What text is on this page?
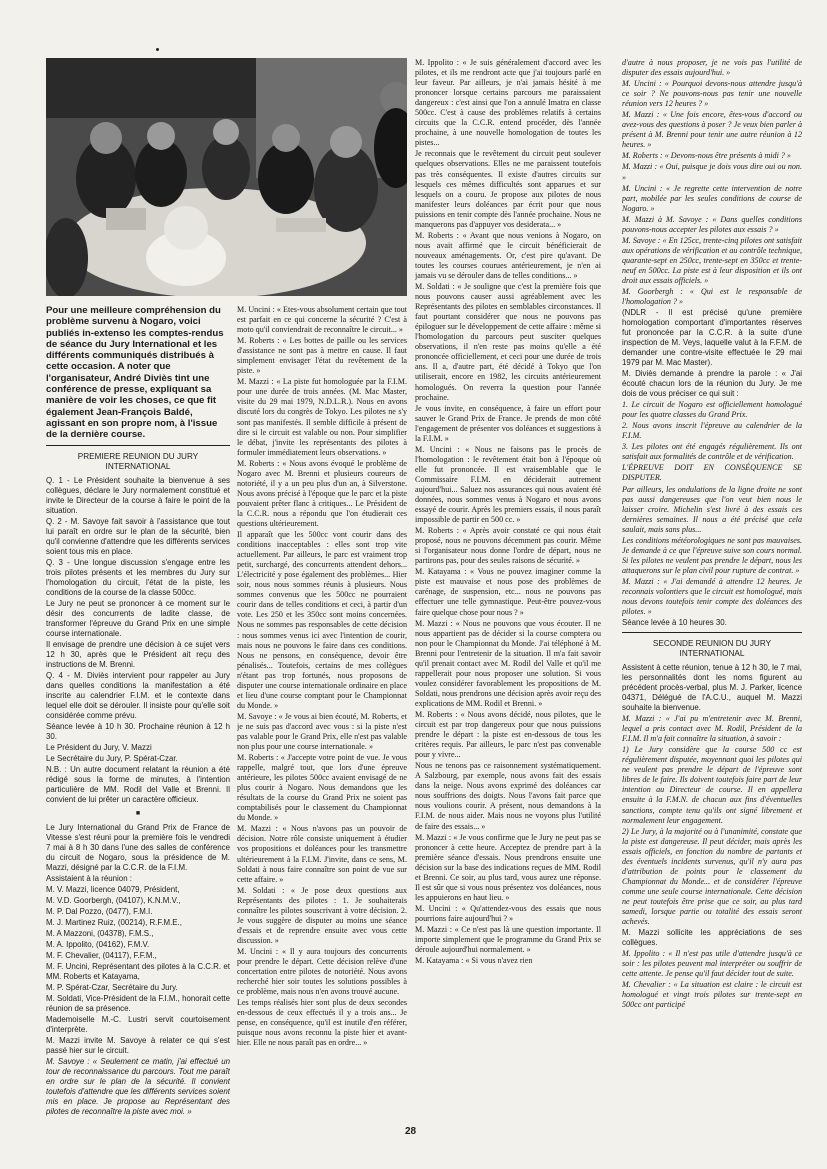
Pour une meilleure compréhension du problème survenu à Nogaro, voici publiés in-extenso les comptes-rendus de séance du Jury International et les différents communiqués distribués à cette occasion. A noter que l'organisateur, André Diviès tint une conférence de presse, expliquant sa manière de voir les choses, ce que fit également Jean-François Baldé, agissant en son propre nom, à l'issue de la dernière course.

PREMIERE REUNION DU JURY INTERNATIONAL

Q. 1 - Le Président souhaite la bienvenue à ses collègues, déclare le Jury normalement constitué et invite le Directeur de la course à faire le point de la situation.

Q. 2 - M. Savoye fait savoir à l'assistance que tout lui paraît en ordre sur le plan de la sécurité, bien qu'il convienne d'attendre que les différents services soient tous mis en place.

Q. 3 - Une longue discussion s'engage entre les trois pilotes présents et les membres du Jury sur l'homologation du circuit, l'état de la piste, les conditions de la course de la classe 500cc.

Le Jury ne peut se prononcer à ce moment sur le désir des concurrents de ladite classe, de transformer l'épreuve du Grand Prix en une simple course internationale.

Il envisage de prendre une décision à ce sujet vers 12 h 30, après que le Président ait reçu des instructions de M. Brenni.

Q. 4 - M. Diviès intervient pour rappeler au Jury dans quelles conditions la manifestation a été inscrite au calendrier F.I.M. et le contexte dans lequel elle doit se dérouler. Il insiste pour qu'elle soit considérée comme prévu.

Séance levée à 10 h 30. Prochaine réunion à 12 h 30.

Le Président du Jury, V. Mazzi

Le Secrétaire du Jury, P. Spérat-Czar.

N.B. : Un autre document relatant la réunion a été rédigé sous la forme de minutes, à l'intention particulière de MM. Rodil del Valle et Brenni. Il convient de lui prêter un caractère officieux.

■

Le Jury International du Grand Prix de France de Vitesse s'est réuni pour la première fois le vendredi 7 mai à 8 h 30 dans l'une des salles de conférence du circuit de Nogaro, sous la présidence de M. Mazzi, désigné par la C.C.R. de la F.I.M.

Assistaient à la réunion :

M. V. Mazzi, licence 04079, Président,

M. V.D. Goorbergh, (04107), K.N.M.V.,

M. P. Dal Pozzo, (0477), F.M.I.

M. J. Martinez Ruiz, (00214), R.F.M.E.,

M. A Mazzoni, (04378), F.M.S.,

M. A. Ippolito, (04162), F.M.V.

M. F. Chevalier, (04117), F.F.M.,

M. F. Uncini, Représentant des pilotes à la C.C.R. et MM. Roberts et Katayama,

M. P. Spérat-Czar, Secrétaire du Jury.

M. Soldati, Vice-Président de la F.I.M., honorait cette réunion de sa présence.

Mademoiselle M.-C. Lustri servit courtoisement d'interprète.

M. Mazzi invite M. Savoye à relater ce qui s'est passé hier sur le circuit.

M. Savoye : « Seulement ce matin, j'ai effectué un tour de reconnaissance du parcours. Tout me paraît en ordre sur le plan de la sécurité. Il convient toutefois d'attendre que les différents services soient mis en place. Je propose au Représentant des pilotes de reconnaître la piste avec moi. »

M. Uncini : « Etes-vous absolument certain que tout est parfait en ce qui concerne la sécurité ? C'est à moto qu'il conviendrait de reconnaître le circuit... »

M. Roberts : « Les bottes de paille ou les services d'assistance ne sont pas à mettre en cause. Il faut simplement envisager l'état du revêtement de la piste. »

M. Mazzi : « La piste fut homologuée par la F.I.M. pour une durée de trois années. (M. Mac Master, visite du 29 mai 1979, N.D.L.R.). Nous en avons discuté lors du congrès de Tokyo. Les pilotes ne s'y sont pas manifestés. Il semble difficile à présent de dire si le circuit est valable ou non. Pour simplifier le débat, j'invite les représentants des pilotes à formuler immédiatement leurs observations. »

M. Roberts : « Nous avons évoqué le problème de Nogaro avec M. Brenni et plusieurs coureurs de notoriété, il y a un peu plus d'un an, à Silverstone. Nous avons précisé à l'époque que le parc et la piste pouvaient prêter flanc à critiques... Le Président de la C.C.R. nous a répondu que l'on étudierait ces questions ultérieurement.

Il apparaît que les 500cc vont courir dans des conditions inacceptables : elles sont trop vite actuellement. Par ailleurs, le parc est vraiment trop petit, surchargé, des concurrents attendent dehors... L'électricité y pose également des problèmes... Hier soir, nous nous sommes réunis à plusieurs. Nous sommes convenus que les 500cc ne pourraient courir dans de telles conditions et ceci, à partir d'un vote. Les 250 et les 350cc sont moins concernées. Nous ne sommes pas responsables de cette décision : nous sommes venus ici avec l'intention de courir, mais nous ne pouvons le faire dans ces conditions. Nous ne pensons, en conséquence, devoir être pénalisés... Toutefois, certains de mes collègues n'étant pas trop fortunés, nous proposons de disputer une course internationale ordinaire en place et lieu d'une course comptant pour le Championnat du Monde. »

M. Savoye : « Je vous ai bien écouté, M. Roberts, et je ne suis pas d'accord avec vous : si la piste n'est pas valable pour le Grand Prix, elle n'est pas valable non plus pour une course internationale. »

M. Roberts : « J'accepte votre point de vue. Je vous rappelle, malgré tout, que lors d'une épreuve antérieure, les pilotes 500cc avaient envisagé de ne plus courir à Nogaro. Nous demandons que les résultats de la course du Grand Prix ne soient pas comptabilisés pour le classement du Championnat du Monde. »

M. Mazzi : « Nous n'avons pas un pouvoir de décision. Notre rôle consiste uniquement à étudier vos propositions et doléances pour les transmettre ultérieurement à la F.I.M. J'invite, dans ce sens, M. Soldati à nous faire connaître son point de vue sur cette affaire. »

M. Soldati : « Je pose deux questions aux Représentants des pilotes : 1. Je souhaiterais connaître les pilotes souscrivant à votre décision. 2. Je vous suggère de disputer au moins une séance d'essais et de reprendre ensuite avec vous cette discussion. »

M. Uncini : « Il y aura toujours des concurrents pour prendre le départ. Cette décision relève d'une concertation entre pilotes de notoriété. Nous avons recherché hier soir toutes les solutions possibles à ce problème, mais nous n'en avons trouvé aucune.

Les temps réalisés hier sont plus de deux secondes en-dessous de ceux effectués il y a trois ans... Je pense, en conséquence, qu'il est inutile d'en référer, puisque nous avons reconnu la piste hier et avant-hier. Elle ne nous paraît pas en ordre... »

M. Ippolito : « Je suis généralement d'accord avec les pilotes, et ils me rendront acte que j'ai toujours parlé en leur faveur. Par ailleurs, je n'ai jamais hésité à me prononcer lorsque certains parcours me paraissaient dangereux : c'est ainsi que l'on a annulé Imatra en classe 500cc. C'est à cause des problèmes relatifs à certains circuits que la C.C.R. entend procéder, dès l'année prochaine, à une nouvelle homologation de toutes les pistes...

Je reconnais que le revêtement du circuit peut soulever quelques observations. Elles ne me paraissent toutefois pas très conséquentes. Il existe d'autres circuits sur lesquels ces mêmes difficultés sont apparues et sur lesquels on a couru. Je propose aux pilotes de nous manifester leurs doléances par écrit pour que nous puissions en tenir compte dès l'année prochaine. Nous ne manquerons pas d'appuyer vos desiderata... »

M. Roberts : « Avant que nous venions à Nogaro, on nous avait affirmé que le circuit bénéficierait de nouveaux aménagements. Or, c'est pire qu'avant. De toutes les courses courues antérieurement, je n'en ai jamais vu se dérouler dans de telles conditions... »

M. Soldati : « Je souligne que c'est la première fois que nous pouvons causer aussi agréablement avec les Représentants des pilotes en semblables circonstances. Il faut pourtant considérer que nous ne pouvons pas épiloguer sur le développement de cette affaire : même si l'homologation du parcours peut susciter quelques observations, il n'en reste pas moins qu'elle a été prononcée officiellement, et ceci pour une durée de trois ans. Il a, d'autre part, été décidé à Tokyo que l'on utiliserait, encore en 1982, les circuits antérieurement homologués. On reverra la question pour l'année prochaine.

Je vous invite, en conséquence, à faire un effort pour sauver le Grand Prix de France. Je prends de mon côté l'engagement de présenter vos doléances et suggestions à la F.I.M. »

M. Uncini : « Nous ne faisons pas le procès de l'homologation : le revêtement était bon à l'époque où elle fut prononcée. Il est vraisemblable que le Commissaire F.I.M. en déciderait autrement aujourd'hui... Saluez nos assurances qui nous avaient été données, nous sommes venus à Nogaro et nous avons essayé de courir. Après les premiers essais, il nous paraît impossible de partir en 500 cc. »

M. Roberts : « Après avoir constaté ce qui nous était proposé, nous ne pouvons décemment pas courir. Même si l'organisateur nous donne l'ordre de départ, nous ne partirons pas, pour des seules raisons de sécurité. »

M. Katayama : « Vous ne pouvez imaginer comme la piste est mauvaise et nous pose des problèmes de carénage, de suspension, etc... nous ne pouvons pas effectuer une telle gymnastique. Peut-être pouvez-vous faire quelque chose pour nous ? »

M. Mazzi : « Nous ne pouvons que vous écouter. Il ne nous appartient pas de décider si la course comptera ou non pour le Championnat du Monde. J'ai téléphoné à M. Brenni pour l'entretenir de la situation. Il m'a fait savoir qu'il prenait contact avec M. Rodil del Valle et qu'il me rappellerait pour nous proposer une solution. Si vous voulez considérer favorablement les propositions de M. Soldati, nous prendrons une décision après avoir reçu des explications de MM. Rodil et Brenni. »

M. Roberts : « Nous avons décidé, nous pilotes, que le circuit est par trop dangereux pour que nous puissions prendre le départ : la piste est en-dessous de tous les critères requis. Par ailleurs, le parc n'est pas convenable pour y vivre...

Nous ne tenons pas ce raisonnement systématiquement. A Salzbourg, par exemple, nous avons fait des essais dans la neige. Nous avons exprimé des doléances car nous souffrions des doigts. Nous l'avons fait parce que nous voulions courir. A présent, nous demandons à la F.I.M. de nous aider. Mais nous ne voyons plus l'utilité de faire des essais... »

M. Mazzi : « Je vous confirme que le Jury ne peut pas se prononcer à cette heure. Acceptez de prendre part à la première séance d'essais. Nous prendrons ensuite une décision sur la base des indications reçues de MM. Rodil et Brenni. Ce soir, au plus tard, vous aurez une réponse. Il est sûr que si vous nous présentez vos doléances, nous les appuierons en haut lieu. »

M. Uncini : « Qu'attendez-vous des essais que nous pourrions faire aujourd'hui ? »

M. Mazzi : « Ce n'est pas là une question importante. Il importe simplement que le programme du Grand Prix se déroule aujourd'hui normalement. »

M. Katayama : « Si vous n'avez rien

d'autre à nous proposer, je ne vois pas l'utilité de disputer des essais aujourd'hui. »

M. Uncini : « Pourquoi devons-nous attendre jusqu'à ce soir ? Ne pouvons-nous pas tenir une nouvelle réunion vers 12 heures ? »

M. Mazzi : « Une fois encore, êtes-vous d'accord ou avez-vous des questions à poser ? Je veux bien parler à présent à M. Brenni pour tenir une autre réunion à 12 heures. »

M. Roberts : « Devons-nous être présents à midi ? »

M. Mazzi : « Oui, puisque je dois vous dire oui ou non. »

M. Uncini : « Je regrette cette intervention de notre part, mobilée par les seules conditions de course de Nogaro. »

M. Mazzi à M. Savoye : « Dans quelles conditions pouvons-nous accepter les pilotes aux essais ? »

M. Savoye : « En 125cc, trente-cinq pilotes ont satisfait aux opérations de vérification et au contrôle technique, quarante-sept en 250cc, trente-sept en 350cc et trente-neuf en 500cc. La piste est à leur disposition et ils ont droit aux essais officiels. »

M. Goorbergh : « Qui est le responsable de l'homologation ? »

(NDLR - Il est précisé qu'une première homologation comportant d'importantes réserves fut prononcée par la C.C.R. à la suite d'une inspection de M. Veys, laquelle valut à la F.F.M. de demander une contre-visite effectuée le 29 mai 1979 par M. Mac Master).

M. Diviès demande à prendre la parole : « J'ai écouté chacun lors de la réunion du Jury. Je me dois de vous préciser ce qui suit :

1. Le circuit de Nogaro est officiellement homologué pour les quatre classes du Grand Prix.

2. Nous avons inscrit l'épreuve au calendrier de la F.I.M.

3. Les pilotes ont été engagés régulièrement. Ils ont satisfait aux formalités de contrôle et de vérification.

L'ÉPREUVE DOIT EN CONSÉQUENCE SE DISPUTER.

Par ailleurs, les ondulations de la ligne droite ne sont pas aussi dangereuses que l'on veut bien nous le laisser croire. Michelin s'est livré à des essais ces dernières semaines. Il nous a été précisé que cela saulait, mais sans plus...

Les conditions météorologiques ne sont pas mauvaises. Je demande à ce que l'épreuve suive son cours normal. Si les pilotes ne veulent pas prendre le départ, nous les attaquerons sur le plan civil pour rupture de contrat. »

M. Mazzi : « J'ai demandé à attendre 12 heures. Je reconnais volontiers que le circuit est homologué, mais nous devons toutefois tenir compte des doléances des pilotes. »

Séance levée à 10 heures 30.

SECONDE REUNION DU JURY INTERNATIONAL

Assistent à cette réunion, tenue à 12 h 30, le 7 mai, les personnalités dont les noms figurent au précédent procès-verbal, plus M. J. Parker, licence 04371, Délégué de l'A.C.U., auquel M. Mazzi souhaite la bienvenue.

M. Mazzi : « J'ai pu m'entretenir avec M. Brenni, lequel a pris contact avec M. Rodil, Président de la F.I.M. Il m'a fait connaître la situation, à savoir :

1) Le Jury considère que la course 500 cc est régulièrement disputée, moyennant quoi les pilotes qui ne veulent pas prendre le départ de l'épreuve sont libres de le faire. Ils doivent toutefois faire part de leur intention au Directeur de course. Il en appellera ensuite à la F.M.N. de chacun aux fins d'éventuelles sanctions, compte tenu qu'ils ont signé librement et normalement leur engagement.

2) Le Jury, à la majorité ou à l'unanimité, constate que la piste est dangereuse. Il peut décider, mais après les essais officiels, en fonction du nombre de partants et des éventuels incidents survenus, qu'il n'y aura pas d'attribution de points pour le classement du Championnat du Monde... et de considérer l'épreuve comme une seule course internationale. Cette décision ne peut toutefois être prise que ce soir, au plus tard samedi, lorsque partie ou totalité des essais seront achevés.

M. Mazzi sollicite les appréciations de ses collègues.

M. Ippolito : « Il n'est pas utile d'attendre jusqu'à ce soir : les pilotes peuvent mal interpréter ou souffrir de cette attente. Je pense qu'il faut décider tout de suite.

M. Chevalier : « La situation est claire : le circuit est homologué et vingt trois pilotes sur trente-sept en 500cc ont participé

28
